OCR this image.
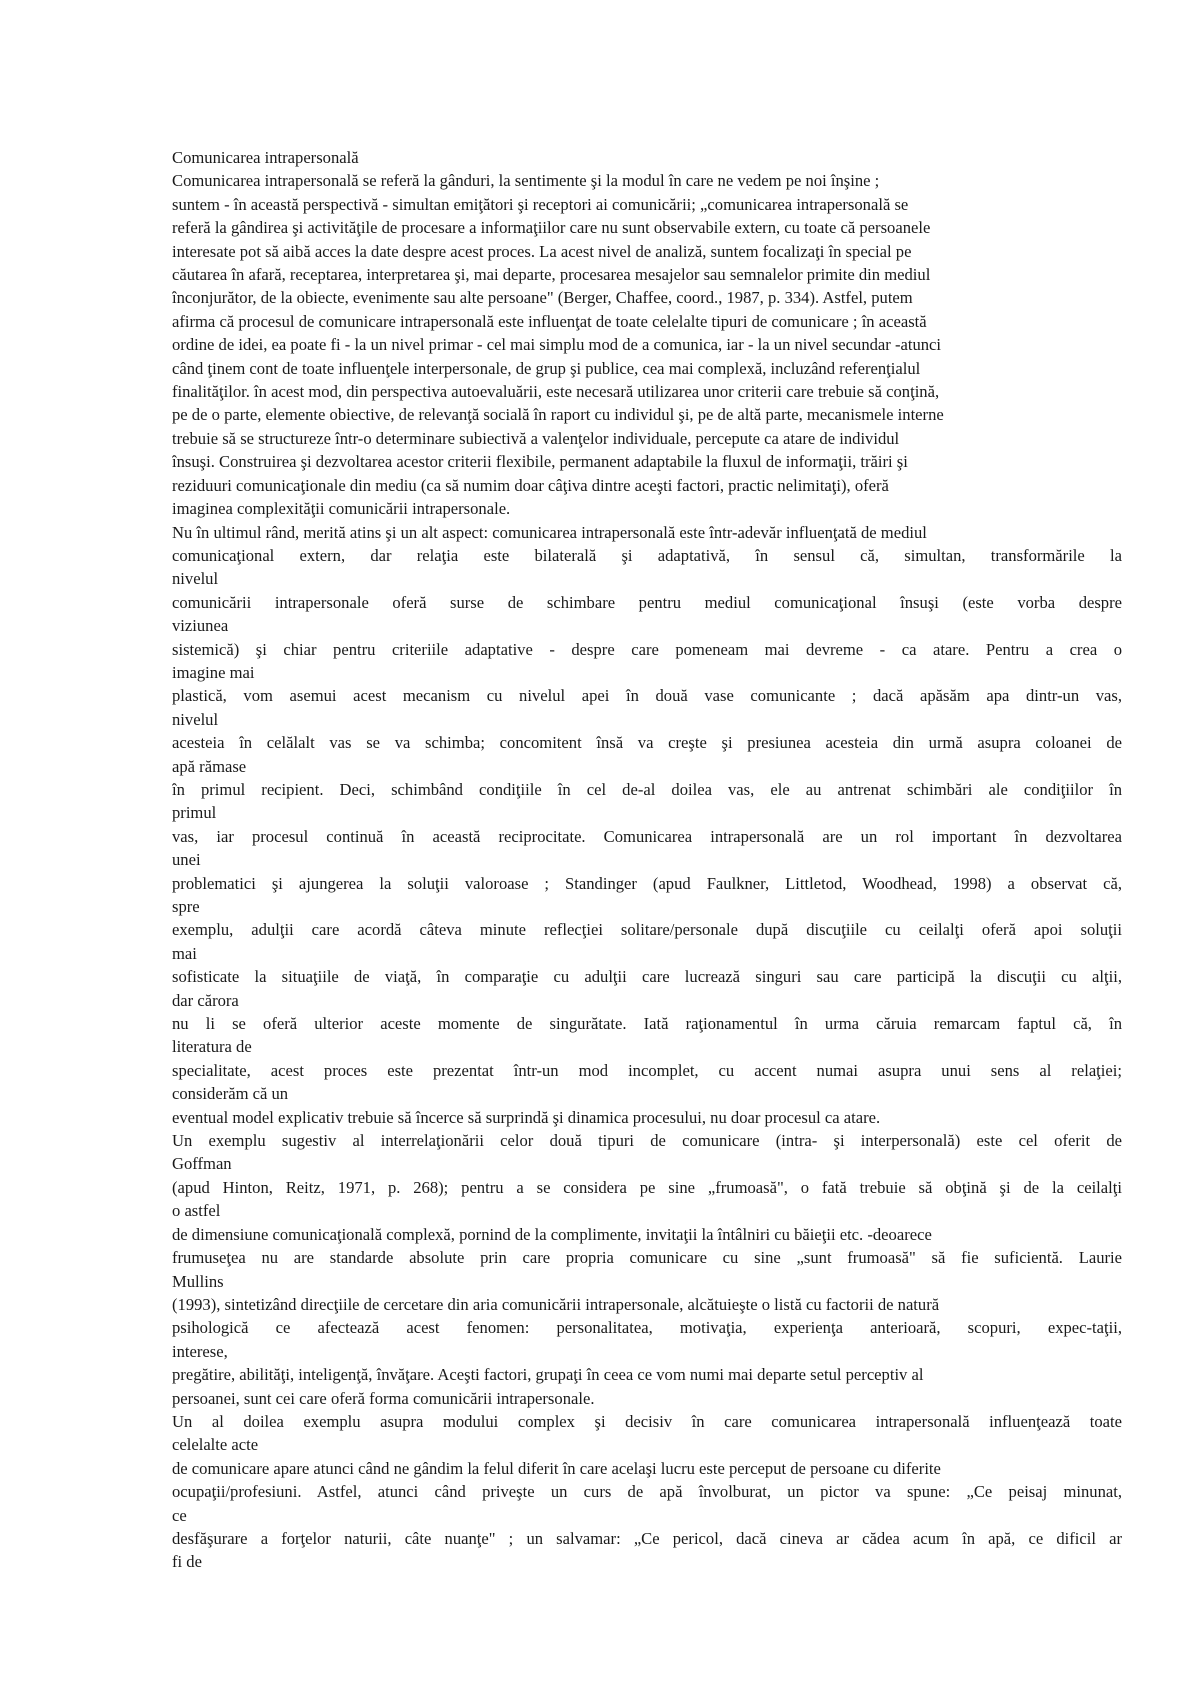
Comunicarea intrapersonală
Comunicarea intrapersonală se referă la gânduri, la sentimente şi la modul în care ne vedem pe noi înşine ;
suntem - în această perspectivă - simultan emiţători şi receptori ai comunicării; „comunicarea intrapersonală se
referă la gândirea şi activităţile de procesare a informaţiilor care nu sunt observabile extern, cu toate că persoanele
interesate pot să aibă acces la date despre acest proces. La acest nivel de analiză, suntem focalizaţi în special pe
căutarea în afară, receptarea, interpretarea şi, mai departe, procesarea mesajelor sau semnalelor primite din mediul
înconjurător, de la obiecte, evenimente sau alte persoane" (Berger, Chaffee, coord., 1987, p. 334). Astfel, putem
afirma că procesul de comunicare intrapersonală este influenţat de toate celelalte tipuri de comunicare ; în această
ordine de idei, ea poate fi - la un nivel primar - cel mai simplu mod de a comunica, iar - la un nivel secundar -atunci
când ţinem cont de toate influenţele interpersonale, de grup şi publice, cea mai complexă, incluzând referenţialul
finalităţilor. în acest mod, din perspectiva autoevaluării, este necesară utilizarea unor criterii care trebuie să conţină,
pe de o parte, elemente obiective, de relevanţă socială în raport cu individul şi, pe de altă parte, mecanismele interne
trebuie să se structureze într-o determinare subiectivă a valenţelor individuale, percepute ca atare de individul
însuşi. Construirea şi dezvoltarea acestor criterii flexibile, permanent adaptabile la fluxul de informaţii, trăiri şi
reziduuri comunicaţionale din mediu (ca să numim doar câţiva dintre aceşti factori, practic nelimitaţi), oferă
imaginea complexităţii comunicării intrapersonale.
Nu în ultimul rând, merită atins şi un alt aspect: comunicarea intrapersonală este într-adevăr influenţată de mediul
comunicaţional extern, dar relaţia este bilaterală şi adaptativă, în sensul că, simultan, transformările la
nivelul
comunicării intrapersonale oferă surse de schimbare pentru mediul comunicaţional însuşi (este vorba despre
viziunea
sistemică) şi chiar pentru criteriile adaptative - despre care pomeneam mai devreme - ca atare. Pentru a crea o
imagine mai
plastică, vom asemui acest mecanism cu nivelul apei în două vase comunicante ; dacă apăsăm apa dintr-un vas,
nivelul
acesteia în celălalt vas se va schimba; concomitent însă va creşte şi presiunea acesteia din urmă asupra coloanei de
apă rămase
în primul recipient. Deci, schimbând condiţiile în cel de-al doilea vas, ele au antrenat schimbări ale condiţiilor în
primul
vas, iar procesul continuă în această reciprocitate. Comunicarea intrapersonală are un rol important în dezvoltarea
unei
problematici şi ajungerea la soluţii valoroase ; Standinger (apud Faulkner, Littletod, Woodhead, 1998) a observat că,
spre
exemplu, adulţii care acordă câteva minute reflecţiei solitare/personale după discuţiile cu ceilalţi oferă apoi soluţii
mai
sofisticate la situaţiile de viaţă, în comparaţie cu adulţii care lucrează singuri sau care participă la discuţii cu alţii,
dar cărora
nu li se oferă ulterior aceste momente de singurătate. Iată raţionamentul în urma căruia remarcam faptul că, în
literatura de
specialitate, acest proces este prezentat într-un mod incomplet, cu accent numai asupra unui sens al relaţiei;
considerăm că un
eventual model explicativ trebuie să încerce să surprindă şi dinamica procesului, nu doar procesul ca atare.
Un exemplu sugestiv al interrelaţionării celor două tipuri de comunicare (intra- şi interpersonală) este cel oferit de
Goffman
(apud Hinton, Reitz, 1971, p. 268); pentru a se considera pe sine „frumoasă", o fată trebuie să obţină şi de la ceilalţi
o astfel
de dimensiune comunicaţională complexă, pornind de la complimente, invitaţii la întâlniri cu băieţii etc. -deoarece
frumuseţea nu are standarde absolute prin care propria comunicare cu sine „sunt frumoasă" să fie suficientă. Laurie
Mullins
(1993), sintetizând direcţiile de cercetare din aria comunicării intrapersonale, alcătuieşte o listă cu factorii de natură
psihologică ce afectează acest fenomen: personalitatea, motivaţia, experienţa anterioară, scopuri, expec-taţii,
interese,
pregătire, abilităţi, inteligenţă, învăţare. Aceşti factori, grupaţi în ceea ce vom numi mai departe setul perceptiv al
persoanei, sunt cei care oferă forma comunicării intrapersonale.
Un al doilea exemplu asupra modului complex şi decisiv în care comunicarea intrapersonală influenţează toate
celelalte acte
de comunicare apare atunci când ne gândim la felul diferit în care acelaşi lucru este perceput de persoane cu diferite
ocupaţii/profesiuni. Astfel, atunci când priveşte un curs de apă învolburat, un pictor va spune: „Ce peisaj minunat,
ce
desfăşurare a forţelor naturii, câte nuanţe" ; un salvamar: „Ce pericol, dacă cineva ar cădea acum în apă, ce dificil ar
fi de
